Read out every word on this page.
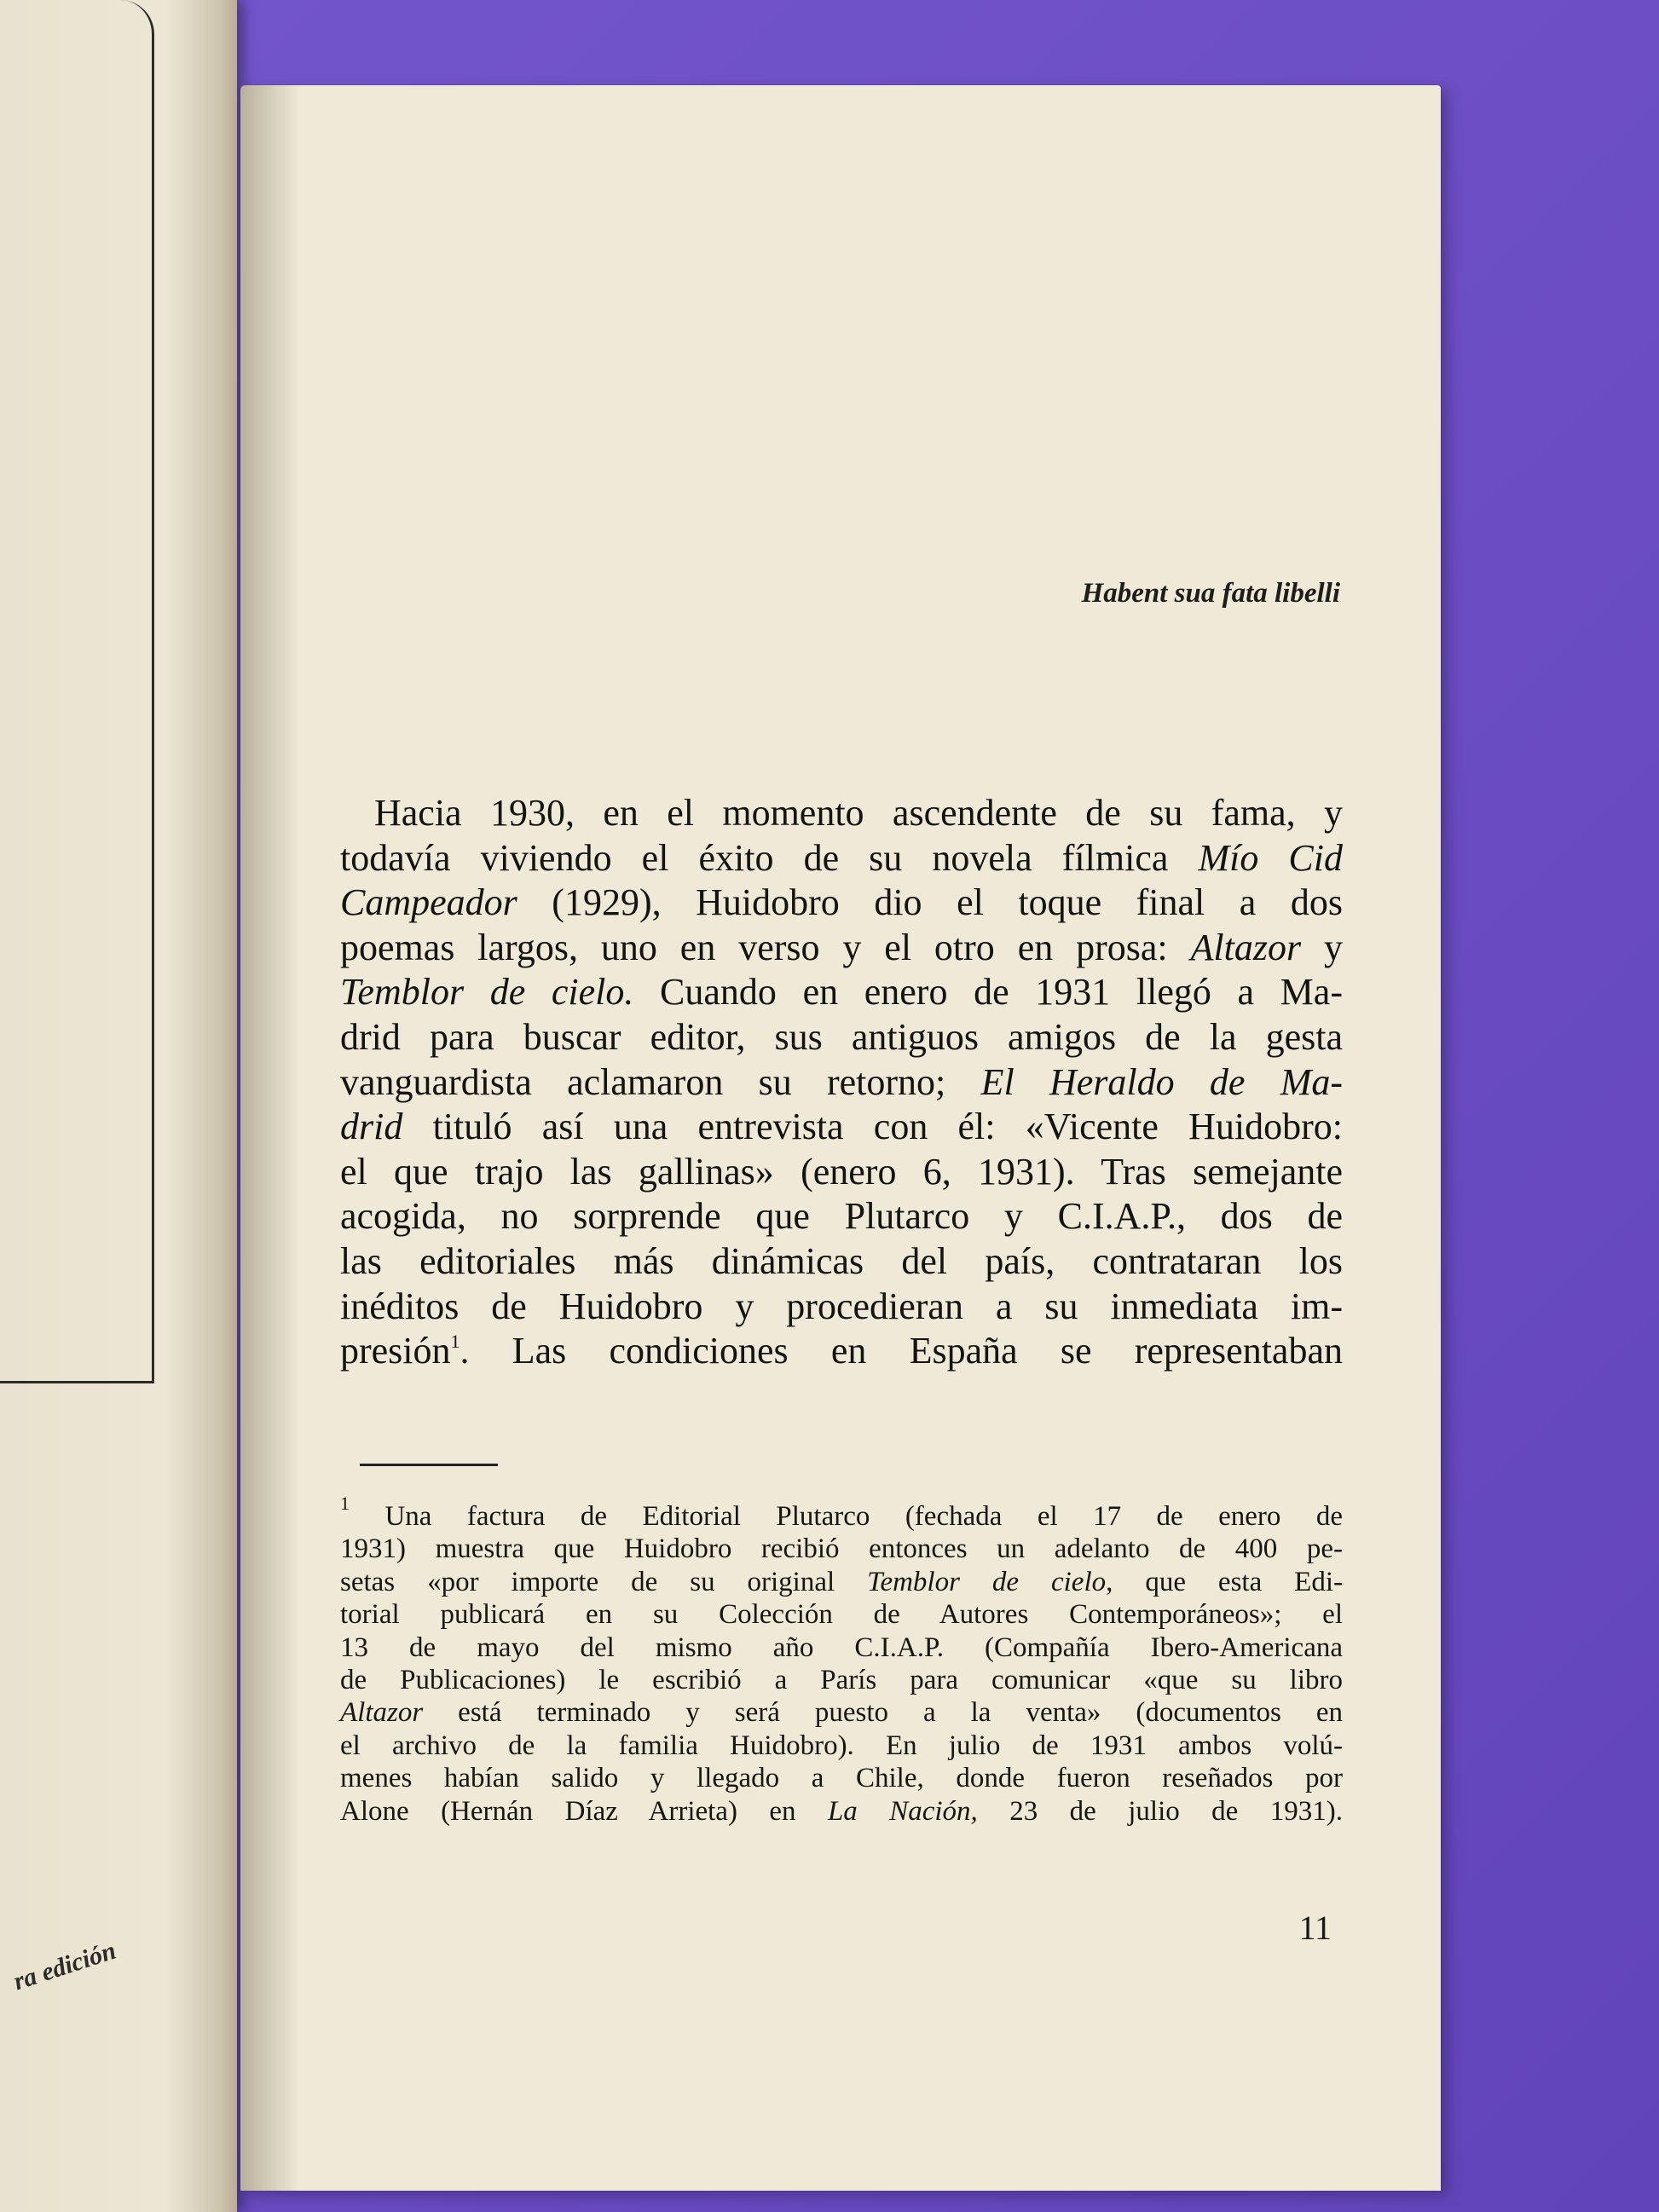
ra edición
Habent sua fata libelli
Hacia 1930, en el momento ascendente de su fama, y
todavía viviendo el éxito de su novela fílmica Mío Cid
Campeador (1929), Huidobro dio el toque final a dos
poemas largos, uno en verso y el otro en prosa: Altazor y
Temblor de cielo. Cuando en enero de 1931 llegó a Ma-
drid para buscar editor, sus antiguos amigos de la gesta
vanguardista aclamaron su retorno; El Heraldo de Ma-
drid tituló así una entrevista con él: «Vicente Huidobro:
el que trajo las gallinas» (enero 6, 1931). Tras semejante
acogida, no sorprende que Plutarco y C.I.A.P., dos de
las editoriales más dinámicas del país, contrataran los
inéditos de Huidobro y procedieran a su inmediata im-
presión$^1$. Las condiciones en España se representaban
$^1$ Una factura de Editorial Plutarco (fechada el 17 de enero de
1931) muestra que Huidobro recibió entonces un adelanto de 400 pe-
setas «por importe de su original Temblor de cielo, que esta Edi-
torial publicará en su Colección de Autores Contemporáneos»; el
13 de mayo del mismo año C.I.A.P. (Compañía Ibero-Americana
de Publicaciones) le escribió a París para comunicar «que su libro
Altazor está terminado y será puesto a la venta» (documentos en
el archivo de la familia Huidobro). En julio de 1931 ambos volú-
menes habían salido y llegado a Chile, donde fueron reseñados por
Alone (Hernán Díaz Arrieta) en La Nación, 23 de julio de 1931).
11
